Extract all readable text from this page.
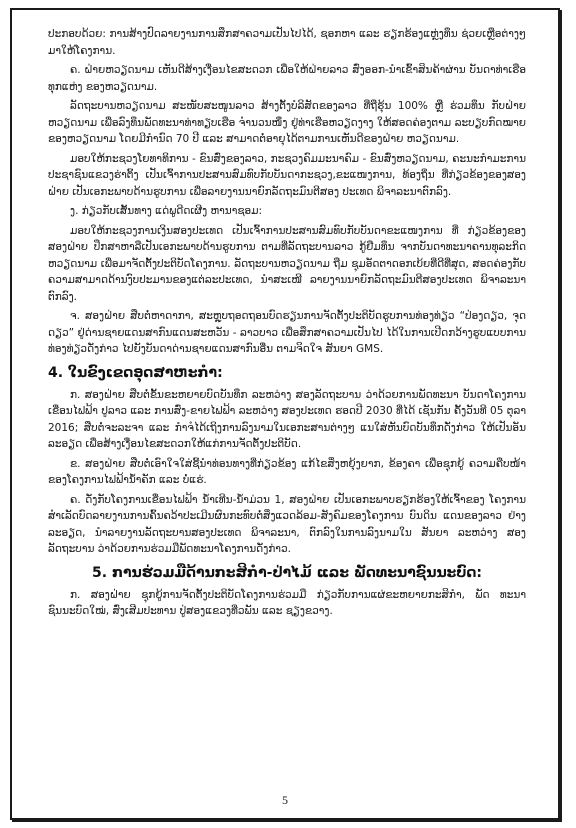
ປະກອບດ້ວຍ: ການສ້າງປົດລາຍງານການສຶກສາຄວາມເປັນໄປໄດ້, ຊອກຫາ ແລະ ຮຽກຮ້ອງແຫຼ່ງທຶນ ຊ່ວຍເຫຼືອຕ່າງໆ ມາໃຫ້ໂຄງການ.

ຄ. ຝ່າຍຫວຽດນາມ ເຫັນດີສ້າງເງື່ອນໄຂສະດວກ ເພື່ອໃຫ້ຝ່າຍລາວ ສົ່ງອອກ-ນໍາເຂົ້າສິນຄ້າຜ່ານ ບັນດາທ່າເຮືອທຸກແຫ່ງ ຂອງຫວຽດນາມ.

ລັດຖະບານຫວຽດນາມ ສະໜັບສະໜູນລາວ ສ້າງຕັ້ງບໍລິສັດຂອງລາວ ທີ່ຖືຮຸ້ນ 100% ຫຼື ຮ່ວມທຶນ ກັບຝ່າຍຫວຽດນາມ ເພື່ອລົງທຶນພັດທະນາທ່າທຽບເຮືອ ຈໍານວນໜຶ່ງ ຢູ່ທ່າເຮືອຫວຽດງາງ ໃຫ້ສອດຄ່ອງຕາມ ລະບຽບກົດໝາຍຂອງຫວຽດນາມ ໂດຍມີກໍານົດ 70 ປີ ແລະ ສາມາດຕໍ່ອາຍຸໄດ້ຕາມການເຫັນດີຂອງຝ່າຍ ຫວຽດນາມ.

ມອບໃຫ້ກະຊວງໂຍທາທິການ - ຂົນສົ່ງຂອງລາວ, ກະຊວງຄົມມະນາຄົມ - ຂົນສົ່ງຫວຽດນາມ, ຄະນະກໍາມະການປະຊາຊົນແຂວງຮ່າຕິ້ງ ເປັນເຈົ້າການປະສານສົມທົບກັບບັນດາກະຊວງ,ຂະແໜງການ, ທ້ອງຖິ່ນ ທີ່ກ່ຽວຂ້ອງຂອງສອງຝ່າຍ ເປັນເອກະພາບດ້ານຮູບການ ເພື່ອລາຍງານນາຍົກລັດຖະມົນຕີສອງ ປະເທດ ພິຈາລະນາຕົກລົງ.

ງ. ກ່ຽວກັບເສັ້ນທາງ ແດ່ພູດີດເຜີງ ຫານາຊອມ:

ມອບໃຫ້ກະຊວງການເງິນສອງປະເທດ ເປັນເຈົ້າການປະສານສົມທົບກັບບັນດາຂະແໜງການ ທີ່ ກ່ຽວຂ້ອງຂອງສອງຝ່າຍ ປຶກສາຫາລືເປັນເອກະພາບດ້ານຮູບການ ຕາມທີ່ລັດຖະບານລາວ ກູ້ຢືມທຶນ ຈາກບັນດາທະນາຄານທຸລະກິດຫວຽດນາມ ເພື່ອມາຈັດຕັ້ງປະຕິບັດໂຄງການ. ລັດຖະບານຫວຽດນາມ ຖືມ ຊຸມອັດຕາດອກເບ້ຍທີ່ດີທີ່ສຸດ, ສອດຄ່ອງກັບຄວາມສາມາດດ້ານງົບປະມານຂອງແຕ່ລະປະເທດ, ນໍາສະເໜີ ລາຍງານນາຍົກລັດຖະມົນຕີສອງປະເທດ ພິຈາລະນາຕົກລົງ.

ຈ. ສອງຝ່າຍ ສືບຕໍ່ຫາດາກາ, ສະຫຼຸບຖອດຖອນບົດຮຽນການຈັດຕັ້ງປະຕິບັດຮູບການທ່ອງທ່ຽວ “ປ່ອງດຽວ, ຈຸດດຽວ” ຢູ່ດ່ານຊາຍແດນສາກົນແດນສະຫວັນ - ລາວບາວ ເພື່ອສຶກສາຄວາມເປັນໄປ ໄດ້ໃນການເປີດກວ້າງຮູບແບບການທ່ອງທ່ຽວດັ່ງກ່າວ ໄປຍັງບັນດາດ່ານຊາຍແດນສາກົນອື່ນ ຕາມຈິດໃຈ ສັນຍາ GMS.

4. ໃນຂົງເຂດອຸດສາຫະກໍາ:

ກ. ສອງຝ່າຍ ສືບຕໍ່ຂັ້ນຂະຫຍາຍບົດບັນທຶກ ລະຫວ່າງ ສອງລັດຖະບານ ວ່າດ້ວຍການພັດທະນາ ບັນດາໂຄງການເຂື່ອນໄຟຟ້າ ປູລາວ ແລະ ການສົ່ງ-ຂາຍໄຟຟ້າ ລະຫວ່າງ ສອງປະເທດ ຮອດປີ 2030 ທີ່ໄດ້ ເຊັນກັນ ຄັ້ງວັນທີ 05 ຕຸລາ 2016; ສືບຕໍ່ຈະລະຈາ ແລະ ກໍາຈໍໄດ້ເຖິງການລົງນາມໃນເອກະສານຕ່າງໆ ແນໃສ່ຫັນບົດບັນທຶກດັ່ງກ່າວ ໃຫ້ເປັນອັນລະອຽດ ເພື່ອສ້າງເງື່ອນໄຂສະດວກໃຫ້ແກ່ການຈັດຕັ້ງປະຕິບັດ.

ຂ. ສອງຝ່າຍ ສືບຕໍ່ເອົາໃຈໃສ່ຊີ້ນໍາທ່ອນທາງທີ່ກ່ຽວຂ້ອງ ແກ້ໄຂສິ່ງຫຍຸ້ງຍາກ, ຂ້ອງຄາ ເພື່ອຊຸກຍູ້ ຄວາມຄືບໜ້າຂອງໂຄງການໄຟຟ້ານໍ້າຄັກ ແລະ ບໍ່ແຮ່.

ຄ. ດັ່ງກັບໂຄງການເຂື່ອນໄຟຟ້າ ນໍ້າເທີນ-ນໍ້າມ່ວນ 1, ສອງຝ່າຍ ເປັນເອກະພາບຮຽກຮ້ອງໃຫ້ເຈົ້າຂອງ ໂຄງການ ສໍາເລັດບົດລາຍງານການຄົ້ນຄວ້າປະເມີນຜົນກະທົບຕໍ່ສິ່ງແວດລ້ອມ-ສັງຄົມຂອງໂຄງການ ບົນດິນ ແດນຂອງລາວ ຢ່າງລະອຽດ, ນໍາລາຍງານລັດຖະບານສອງປະເທດ ພິຈາລະນາ, ຕົກລົງໃນການລົງນາມໃນ ສັນຍາ ລະຫວ່າງ ສອງລັດຖະບານ ວ່າດ້ວຍການຮ່ວມມືພັດທະນາໂຄງການດັ່ງກ່າວ.

5. ການຮ່ວມມືດ້ານກະສິກໍາ-ປ່າໄມ້ ແລະ ພັດທະນາຊົນນະບົດ:

ກ. ສອງຝ່າຍ ຊຸກຍູ້ການຈັດຕັ້ງປະຕິບັດໂຄງການຮ່ວມມື ກ່ຽວກັບການແຜ່ຂະຫຍາຍກະສິກໍາ, ພັດ ທະນາຊົນນະບົດໃໝ່, ສົ່ງເສີມປະທານ ປູ່ສອງແຂວງທີ່ວພັນ ແລະ ຊຽງຂວາງ.

5
